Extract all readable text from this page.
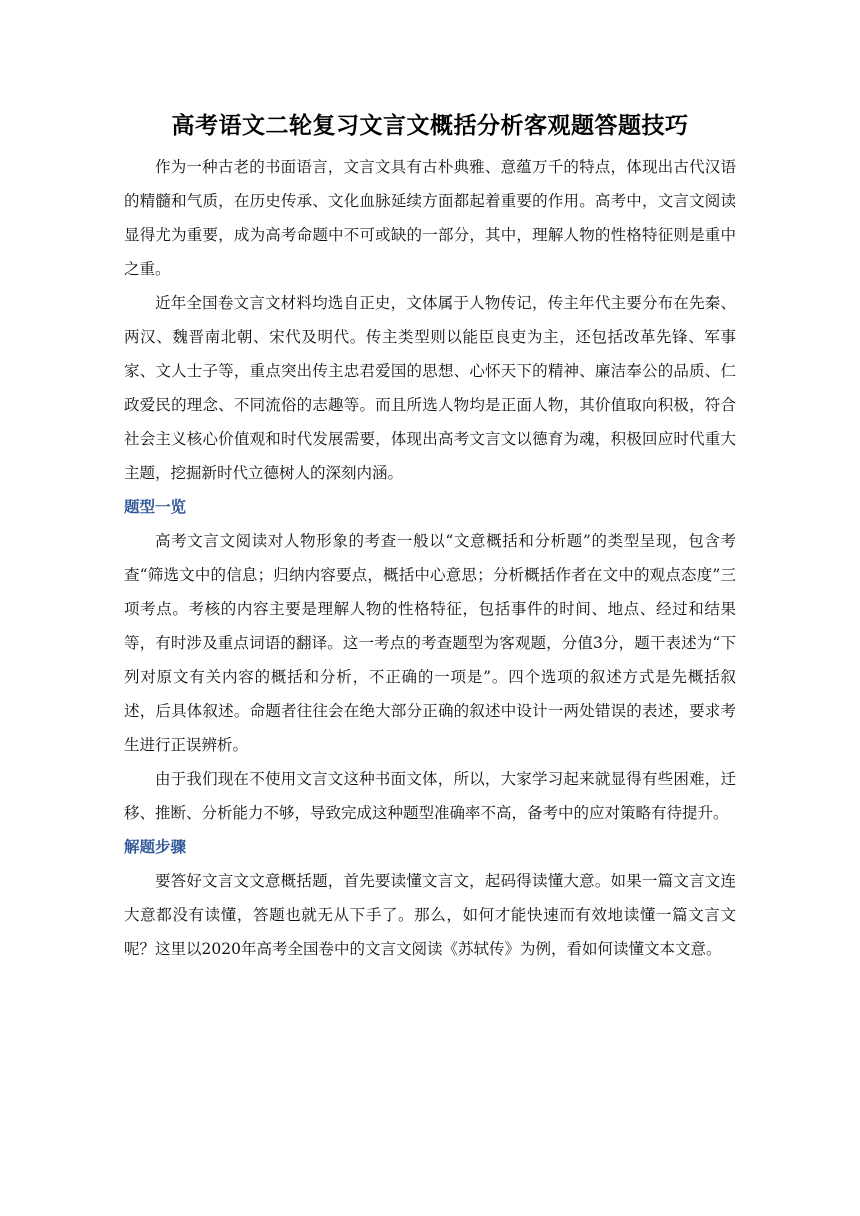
高考语文二轮复习文言文概括分析客观题答题技巧

作为一种古老的书面语言，文言文具有古朴典雅、意蕴万千的特点，体现出古代汉语的精髓和气质，在历史传承、文化血脉延续方面都起着重要的作用。高考中，文言文阅读显得尤为重要，成为高考命题中不可或缺的一部分，其中，理解人物的性格特征则是重中之重。

近年全国卷文言文材料均选自正史，文体属于人物传记，传主年代主要分布在先秦、两汉、魏晋南北朝、宋代及明代。传主类型则以能臣良吏为主，还包括改革先锋、军事家、文人士子等，重点突出传主忠君爱国的思想、心怀天下的精神、廉洁奉公的品质、仁政爱民的理念、不同流俗的志趣等。而且所选人物均是正面人物，其价值取向积极，符合社会主义核心价值观和时代发展需要，体现出高考文言文以德育为魂，积极回应时代重大主题，挖掘新时代立德树人的深刻内涵。

题型一览

高考文言文阅读对人物形象的考查一般以“文意概括和分析题”的类型呈现，包含考查“筛选文中的信息；归纳内容要点，概括中心意思；分析概括作者在文中的观点态度”三项考点。考核的内容主要是理解人物的性格特征，包括事件的时间、地点、经过和结果等，有时涉及重点词语的翻译。这一考点的考查题型为客观题，分值3分，题干表述为“下列对原文有关内容的概括和分析，不正确的一项是”。四个选项的叙述方式是先概括叙述，后具体叙述。命题者往往会在绝大部分正确的叙述中设计一两处错误的表述，要求考生进行正误辨析。

由于我们现在不使用文言文这种书面文体，所以，大家学习起来就显得有些困难，迁移、推断、分析能力不够，导致完成这种题型准确率不高，备考中的应对策略有待提升。

解题步骤

要答好文言文文意概括题，首先要读懂文言文，起码得读懂大意。如果一篇文言文连大意都没有读懂，答题也就无从下手了。那么，如何才能快速而有效地读懂一篇文言文呢？这里以2020年高考全国卷中的文言文阅读《苏轼传》为例，看如何读懂文本文意。
